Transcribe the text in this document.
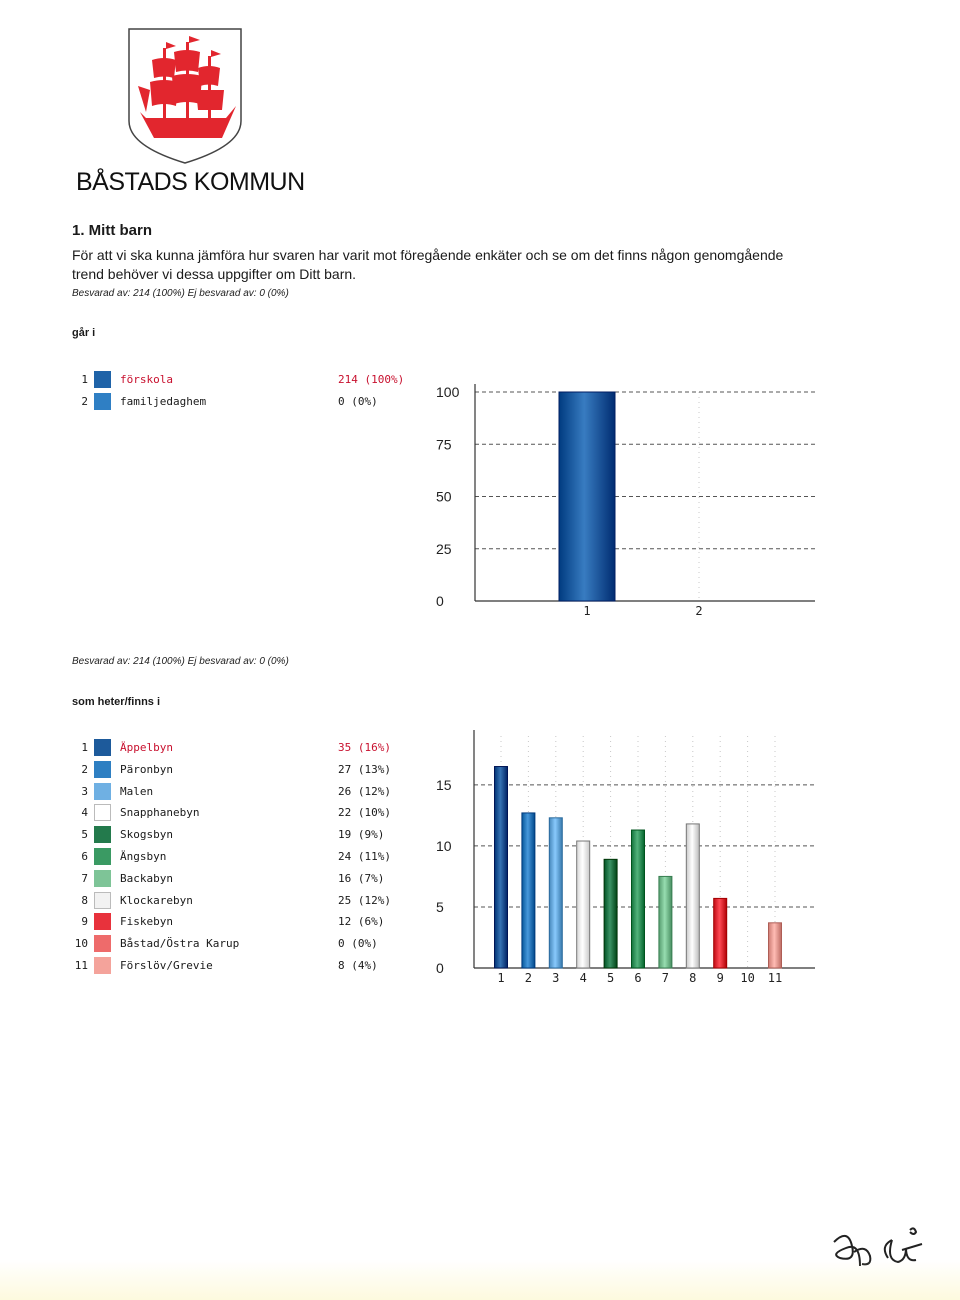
BÅSTADS KOMMUN
1. Mitt barn
För att vi ska kunna jämföra hur svaren har varit mot föregående enkäter och se om det finns någon genomgående trend behöver vi dessa uppgifter om Ditt barn.
Besvarad av: 214 (100%) Ej besvarad av: 0 (0%)
går i
1	förskola	214 (100%)
2	familjedaghem	0 (0%)
0
25
50
75
100
1	2
Besvarad av: 214 (100%) Ej besvarad av: 0 (0%)
som heter/finns i
1	Äppelbyn	35 (16%)
2	Päronbyn	27 (13%)
3	Malen	26 (12%)
4	Snapphanebyn	22 (10%)
5	Skogsbyn	19 (9%)
6	Ängsbyn	24 (11%)
7	Backabyn	16 (7%)
8	Klockarebyn	25 (12%)
9	Fiskebyn	12 (6%)
10	Båstad/Östra Karup	0 (0%)
11	Förslöv/Grevie	8 (4%)	0
5
10
15
1 2 3 4 5 6 7 8 9 10 11
